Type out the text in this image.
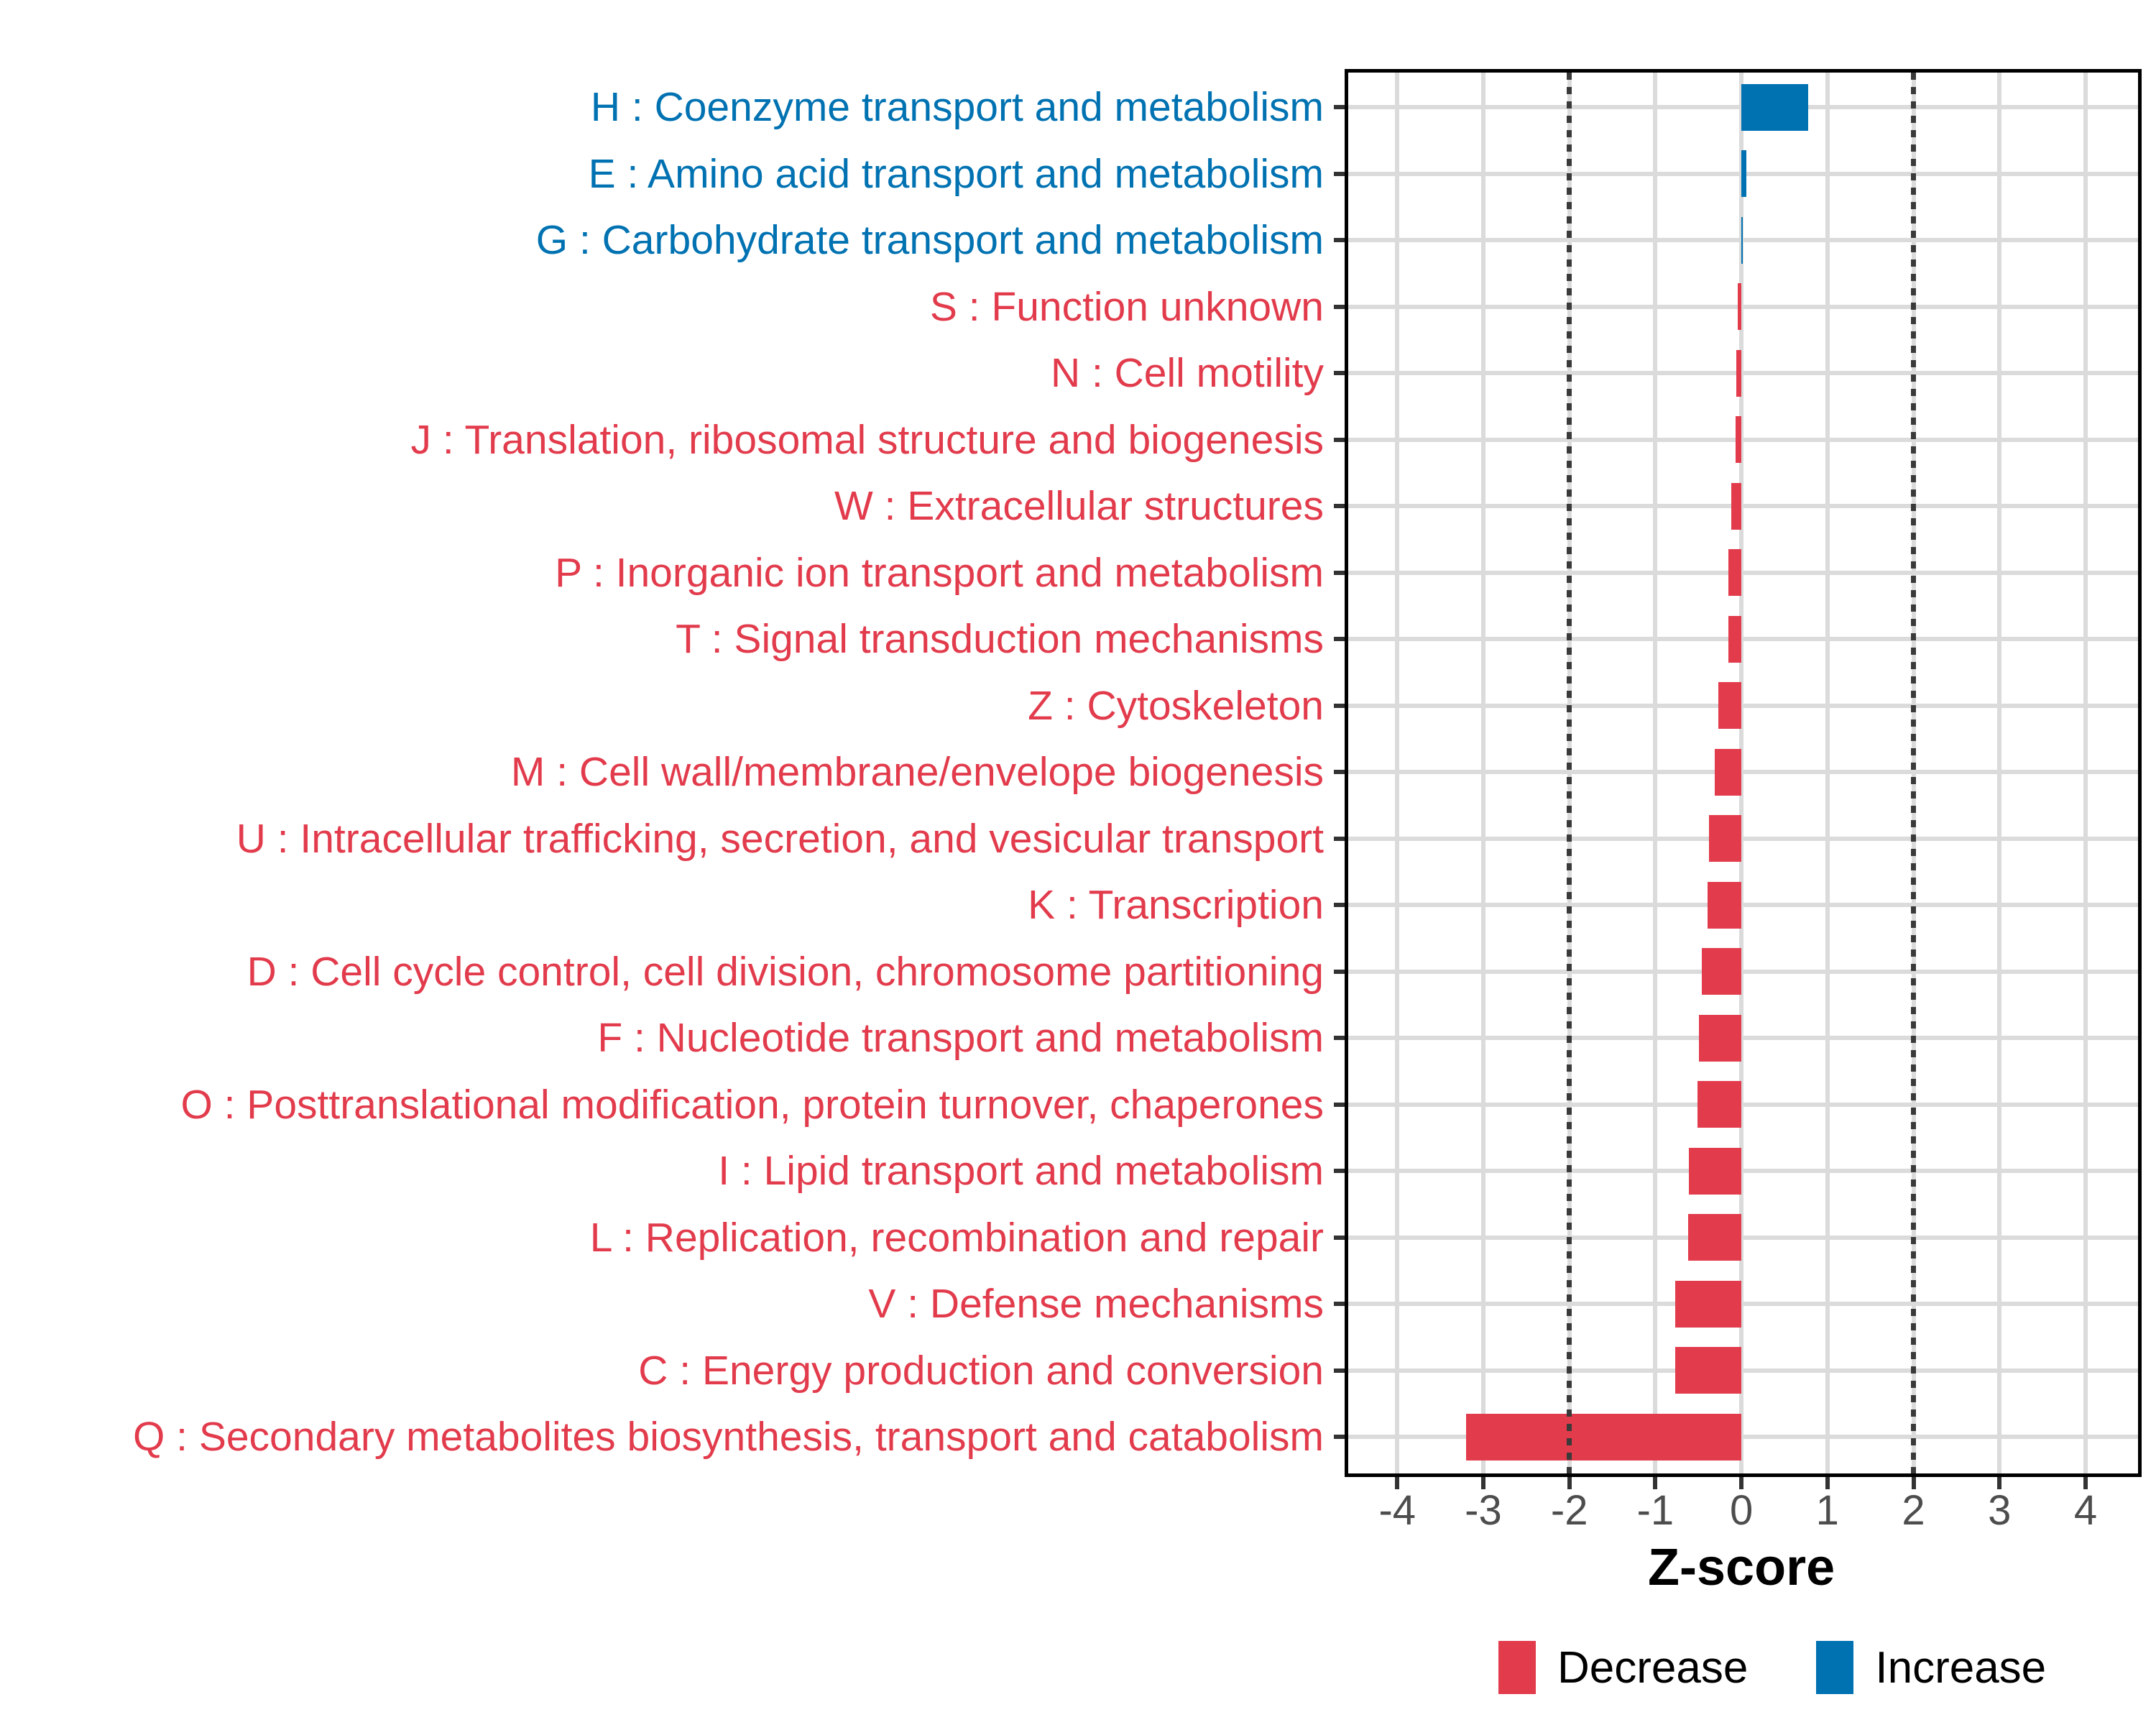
H : Coenzyme transport and metabolism
E : Amino acid transport and metabolism
G : Carbohydrate transport and metabolism
S : Function unknown
N : Cell motility
J : Translation, ribosomal structure and biogenesis
W : Extracellular structures
P : Inorganic ion transport and metabolism
T : Signal transduction mechanisms
Z : Cytoskeleton
M : Cell wall/membrane/envelope biogenesis
U : Intracellular trafficking, secretion, and vesicular transport
K : Transcription
D : Cell cycle control, cell division, chromosome partitioning
F : Nucleotide transport and metabolism
O : Posttranslational modification, protein turnover, chaperones
I : Lipid transport and metabolism
L : Replication, recombination and repair
V : Defense mechanisms
C : Energy production and conversion
Q : Secondary metabolites biosynthesis, transport and catabolism
-4 -3 -2 -1 0 1 2 3 4
Z-score
Decrease	Increase
